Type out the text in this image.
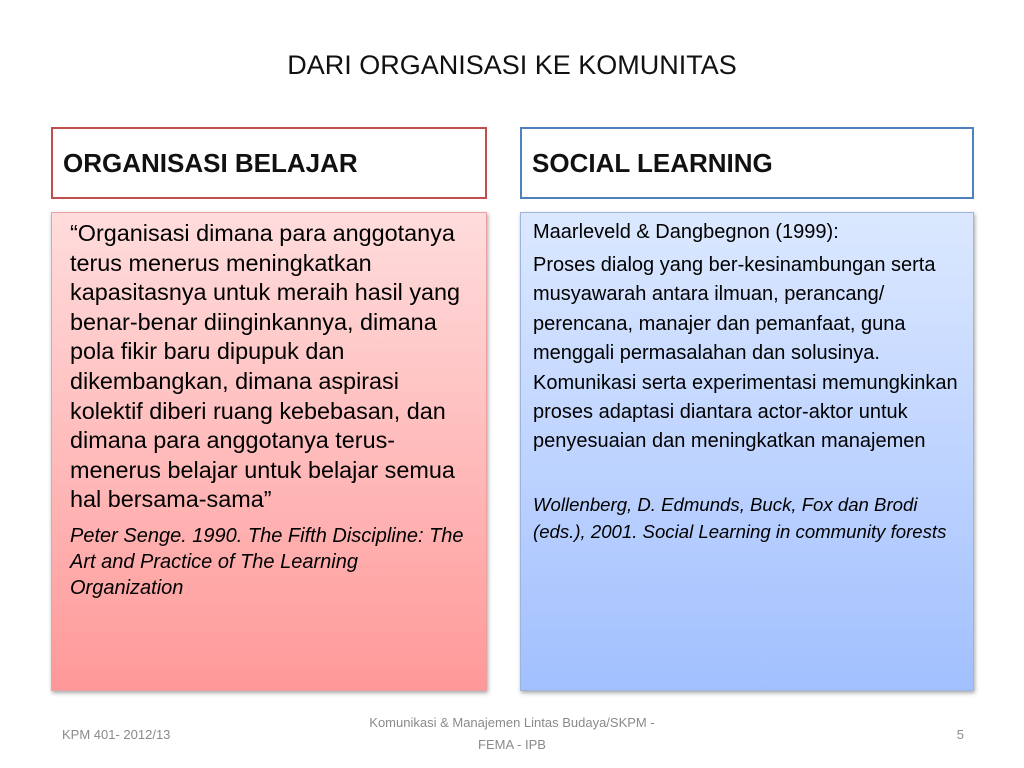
DARI ORGANISASI KE KOMUNITAS
ORGANISASI BELAJAR	SOCIAL LEARNING

“Organisasi dimana para anggotanya terus menerus meningkatkan kapasitasnya untuk meraih hasil yang benar-benar diinginkannya, dimana pola fikir baru dipupuk dan dikembangkan, dimana aspirasi kolektif diberi ruang kebebasan, dan dimana para anggotanya terus-menerus belajar untuk belajar semua hal bersama-sama”

Peter Senge. 1990. The Fifth Discipline: The Art and Practice of The Learning Organization

Maarleveld & Dangbegnon (1999):

Proses dialog yang ber-kesinambungan serta musyawarah antara ilmuan, perancang/ perencana, manajer dan pemanfaat, guna menggali permasalahan dan solusinya. Komunikasi serta experimentasi memungkinkan proses adaptasi diantara actor-aktor untuk penyesuaian dan meningkatkan manajemen

Wollenberg, D. Edmunds, Buck, Fox dan Brodi (eds.), 2001. Social Learning in community forests

KPM 401- 2012/13
Komunikasi & Manajemen Lintas Budaya/SKPM - FEMA - IPB
5
